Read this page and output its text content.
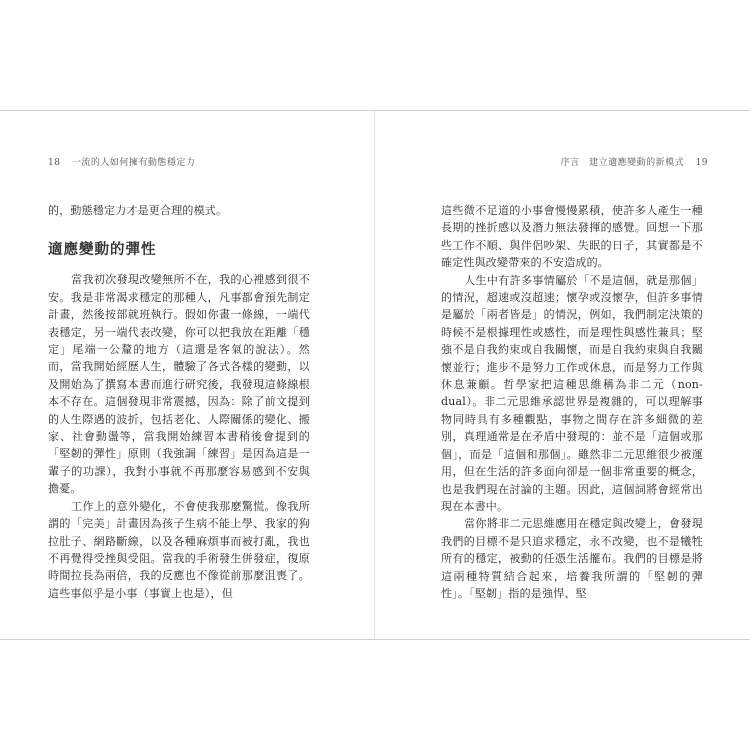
18 一流的人如何擁有動態穩定力

的，動態穩定力才是更合理的模式。

適應變動的彈性

當我初次發現改變無所不在，我的心裡感到很不安。我是非常渴求穩定的那種人，凡事都會預先制定計畫，然後按部就班執行。假如你畫一條線，一端代表穩定，另一端代表改變，你可以把我放在距離「穩定」尾端一公釐的地方（這還是客氣的說法）。然而，當我開始經歷人生，體驗了各式各樣的變動，以及開始為了撰寫本書而進行研究後，我發現這條線根本不存在。這個發現非常震撼，因為：除了前文提到的人生際遇的波折，包括老化、人際關係的變化、搬家、社會動盪等，當我開始練習本書稍後會提到的「堅韌的彈性」原則（我強調「練習」是因為這是一輩子的功課），我對小事就不再那麼容易感到不安與擔憂。

工作上的意外變化，不會使我那麼驚慌。像我所謂的「完美」計畫因為孩子生病不能上學、我家的狗拉肚子、網路斷線，以及各種麻煩事而被打亂，我也不再覺得受挫與受阻。當我的手術發生併發症，復原時間拉長為兩倍，我的反應也不像從前那麼沮喪了。這些事似乎是小事（事實上也是），但

序言　建立適應變動的新模式 19

這些微不足道的小事會慢慢累積，使許多人產生一種長期的挫折感以及潛力無法發揮的感覺。回想一下那些工作不順、與伴侶吵架、失眠的日子，其實都是不確定性與改變帶來的不安造成的。

人生中有許多事情屬於「不是這個，就是那個」的情況，超速或沒超速；懷孕或沒懷孕，但許多事情是屬於「兩者皆是」的情況，例如，我們制定決策的時候不是根據理性或感性，而是理性與感性兼具；堅強不是自我約束或自我關懷，而是自我約束與自我關懷並行；進步不是努力工作或休息，而是努力工作與休息兼顧。哲學家把這種思維稱為非二元（non-dual）。非二元思維承認世界是複雜的，可以理解事物同時具有多種觀點，事物之間存在許多細微的差別，真理通常是在矛盾中發現的：並不是「這個或那個」，而是「這個和那個」。雖然非二元思維很少被運用，但在生活的許多面向卻是一個非常重要的概念，也是我們現在討論的主題。因此，這個詞將會經常出現在本書中。

當你將非二元思維應用在穩定與改變上，會發現我們的目標不是只追求穩定，永不改變，也不是犧牲所有的穩定，被動的任憑生活擺布。我們的目標是將這兩種特質結合起來，培養我所謂的「堅韌的彈性」。「堅韌」指的是強悍、堅
